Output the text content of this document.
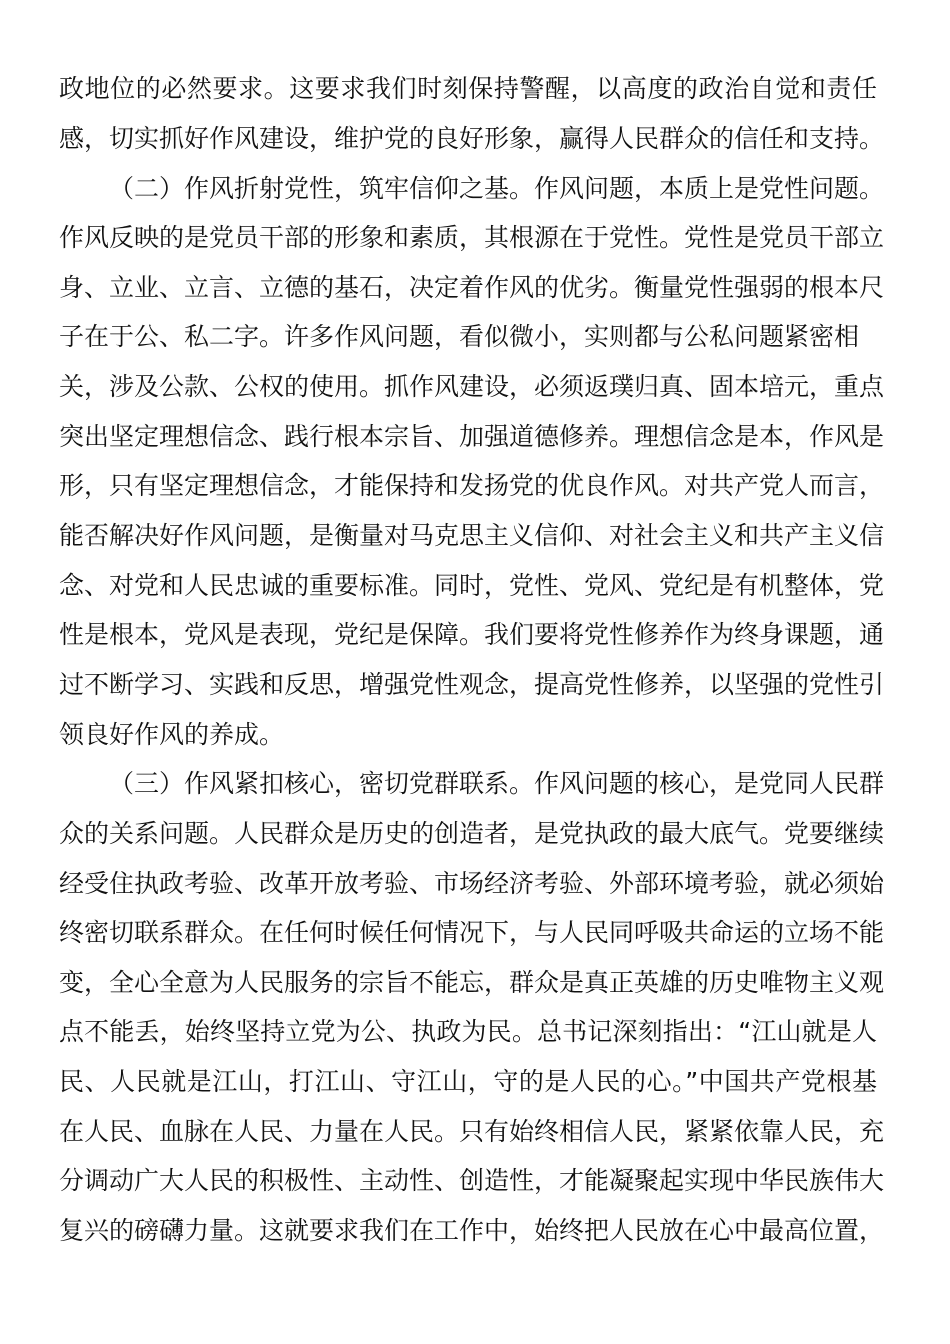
政地位的必然要求。这要求我们时刻保持警醒，以高度的政治自觉和责任
感，切实抓好作风建设，维护党的良好形象，赢得人民群众的信任和支持。
（二）作风折射党性，筑牢信仰之基。作风问题，本质上是党性问题。
作风反映的是党员干部的形象和素质，其根源在于党性。党性是党员干部立
身、立业、立言、立德的基石，决定着作风的优劣。衡量党性强弱的根本尺
子在于公、私二字。许多作风问题，看似微小，实则都与公私问题紧密相
关，涉及公款、公权的使用。抓作风建设，必须返璞归真、固本培元，重点
突出坚定理想信念、践行根本宗旨、加强道德修养。理想信念是本，作风是
形，只有坚定理想信念，才能保持和发扬党的优良作风。对共产党人而言，
能否解决好作风问题，是衡量对马克思主义信仰、对社会主义和共产主义信
念、对党和人民忠诚的重要标准。同时，党性、党风、党纪是有机整体，党
性是根本，党风是表现，党纪是保障。我们要将党性修养作为终身课题，通
过不断学习、实践和反思，增强党性观念，提高党性修养，以坚强的党性引
领良好作风的养成。
（三）作风紧扣核心，密切党群联系。作风问题的核心，是党同人民群
众的关系问题。人民群众是历史的创造者，是党执政的最大底气。党要继续
经受住执政考验、改革开放考验、市场经济考验、外部环境考验，就必须始
终密切联系群众。在任何时候任何情况下，与人民同呼吸共命运的立场不能
变，全心全意为人民服务的宗旨不能忘，群众是真正英雄的历史唯物主义观
点不能丢，始终坚持立党为公、执政为民。总书记深刻指出：“江山就是人
民、人民就是江山，打江山、守江山，守的是人民的心。”中国共产党根基
在人民、血脉在人民、力量在人民。只有始终相信人民，紧紧依靠人民，充
分调动广大人民的积极性、主动性、创造性，才能凝聚起实现中华民族伟大
复兴的磅礴力量。这就要求我们在工作中，始终把人民放在心中最高位置，
